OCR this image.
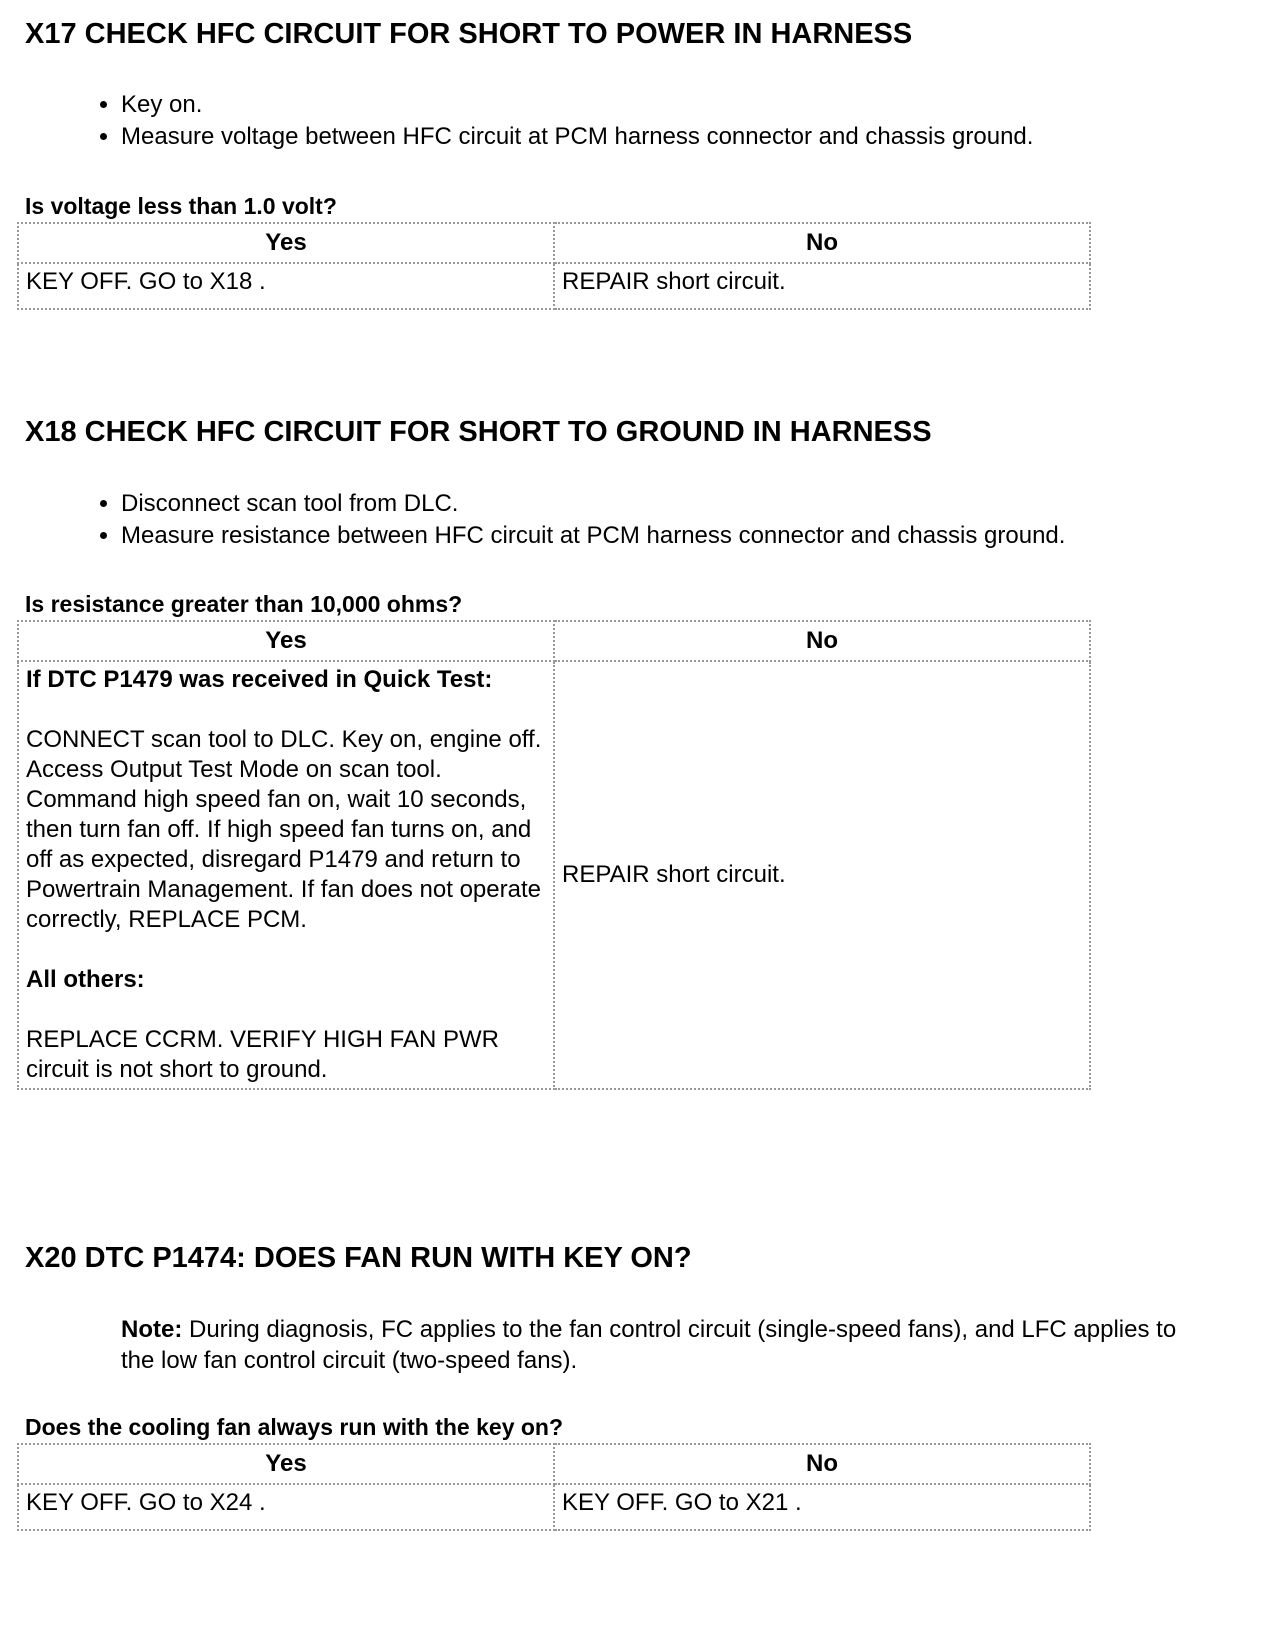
X17 CHECK HFC CIRCUIT FOR SHORT TO POWER IN HARNESS
• Key on.
• Measure voltage between HFC circuit at PCM harness connector and chassis ground.
Is voltage less than 1.0 volt?
Yes	No
KEY OFF. GO to X18 .	REPAIR short circuit.
X18 CHECK HFC CIRCUIT FOR SHORT TO GROUND IN HARNESS
• Disconnect scan tool from DLC.
• Measure resistance between HFC circuit at PCM harness connector and chassis ground.
Is resistance greater than 10,000 ohms?
Yes	No

If DTC P1479 was received in Quick Test:

CONNECT scan tool to DLC. Key on, engine off. Access Output Test Mode on scan tool. Command high speed fan on, wait 10 seconds, then turn fan off. If high speed fan turns on, and off as expected, disregard P1479 and return to Powertrain Management. If fan does not operate correctly, REPLACE PCM.

All others:

REPLACE CCRM. VERIFY HIGH FAN PWR circuit is not short to ground.	REPAIR short circuit.
X20 DTC P1474: DOES FAN RUN WITH KEY ON?
Note: During diagnosis, FC applies to the fan control circuit (single-speed fans), and LFC applies to the low fan control circuit (two-speed fans).
Does the cooling fan always run with the key on?
Yes	No
KEY OFF. GO to X24 .	KEY OFF. GO to X21 .
